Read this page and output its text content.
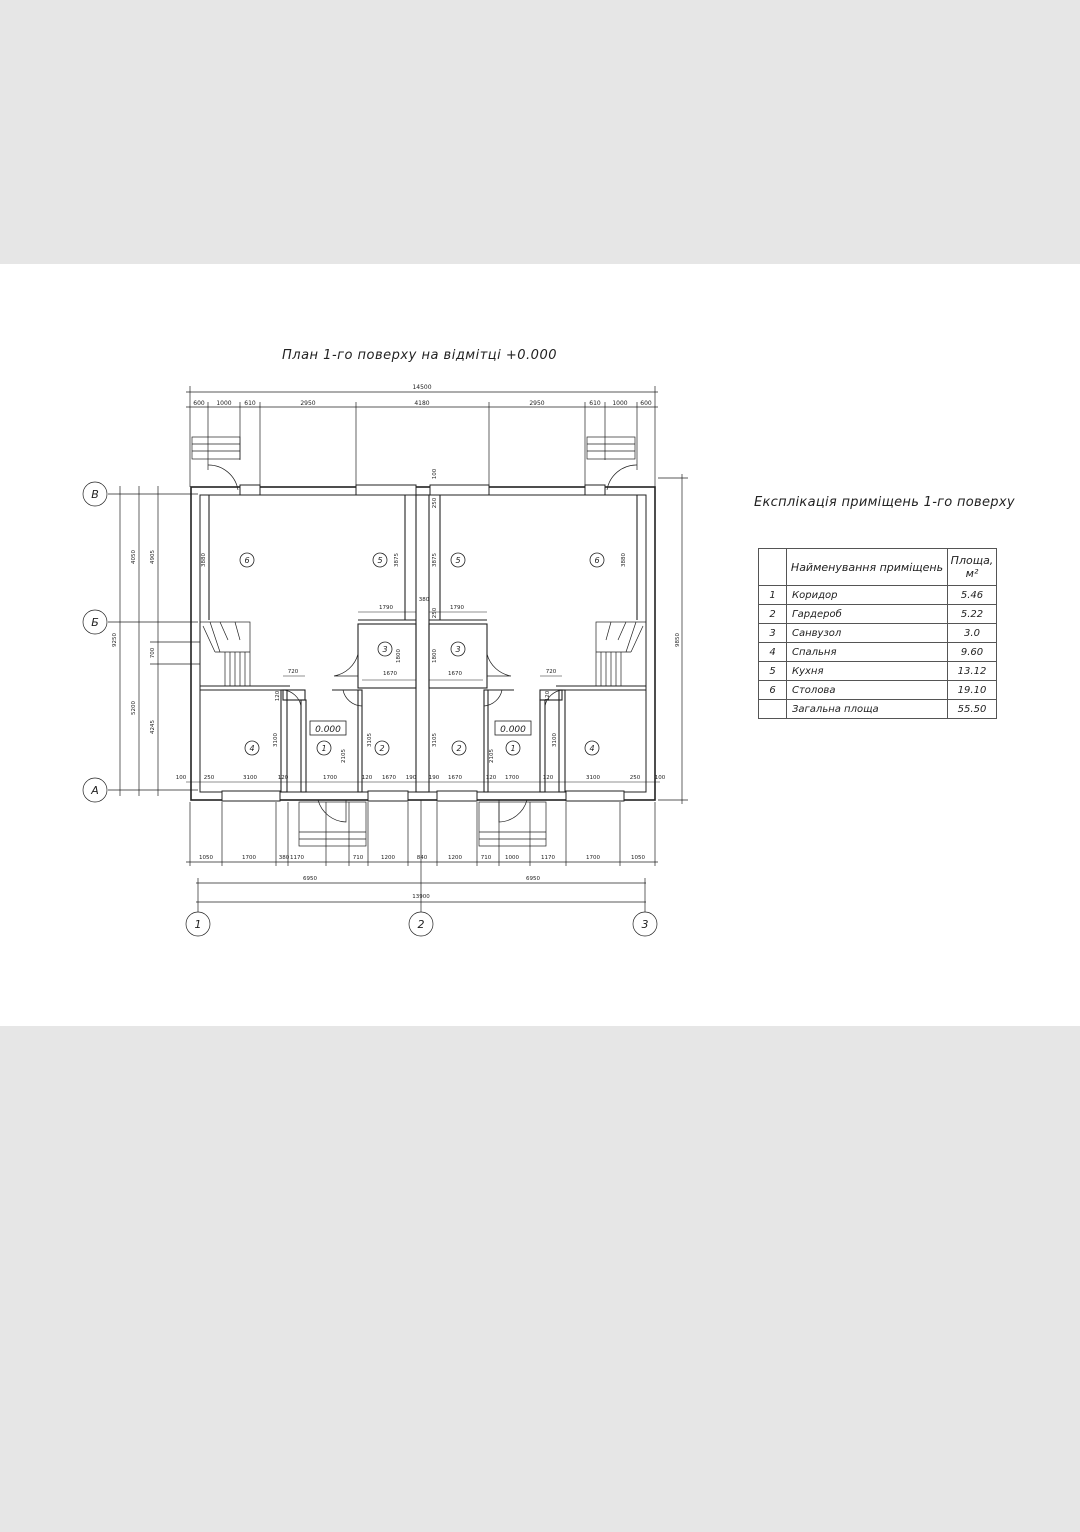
План 1-го поверху на відмітці +0.000
14500
600 1000 610	2950	4180	2950	610 1000 600
0.000	0.000
6	5	5	6
3	3
4	1	2	2	1	4
3880	3875	3875	3880
100
250
1790
380
1790
250
1800	1800
1670	1670
720	720
120	120
3100
2105
3105	3105
2105
3100
100	250	3100	120	1700	120 1670 190 190 1670	120 1700	120	3100	250	100
В
Б
А
4050 4905
9250
700
5200
4245
9850
1050	1700	380 1170	710	1200	840	1200	710	1000	1170	1700	1050
6950	6950
13900
1	2	3
Експлікація приміщень 1-го поверху
	Найменування приміщень	Площа,
м²
1	Коридор	5.46
2	Гардероб	5.22
3	Санвузол	3.0
4	Спальня	9.60
5	Кухня	13.12
6	Столова	19.10
	Загальна площа	55.50
